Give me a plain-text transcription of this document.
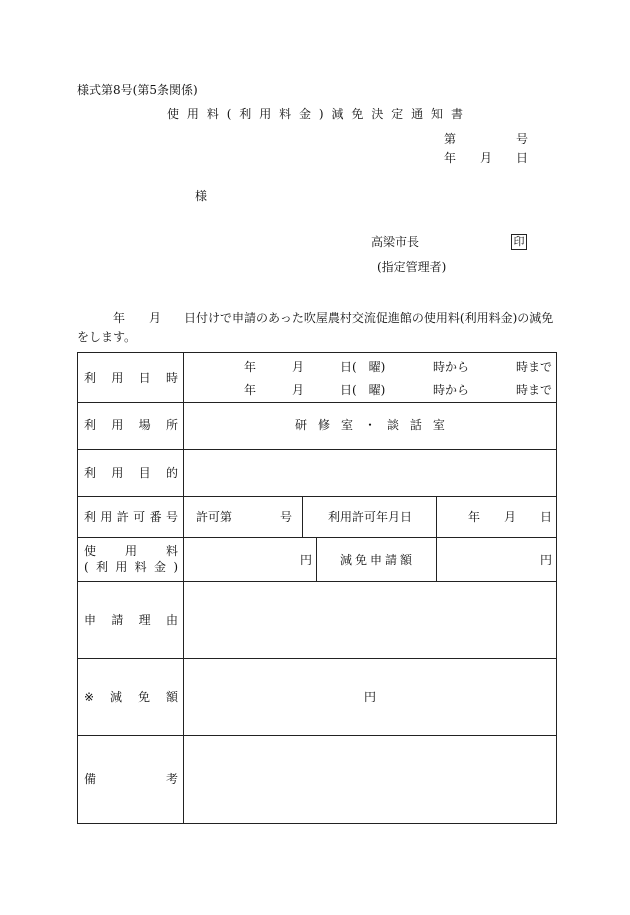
様式第8号(第5条関係)
使 用 料 ( 利 用 料 金 ) 減 免 決 定 通 知 書
第	号
年 月 日
様
高梁市長	印
(指定管理者)
年 月 日付けで申請のあった吹屋農村交流促進館の使用料(利用料金)の減免
をします。
利 用 日 時
年	月	日(　曜)	時から	時まで
年	月	日(　曜)	時から	時まで
利 用 場 所	研 修 室 ・ 談 話 室
利 用 目 的
利 用 許 可 番 号 許可第	号	利用許可年月日	年 月 日
使 用 料
( 利 用 料 金 )	円 減免申請額	円
申 請 理 由
※ 減 免 額	円
備	考
